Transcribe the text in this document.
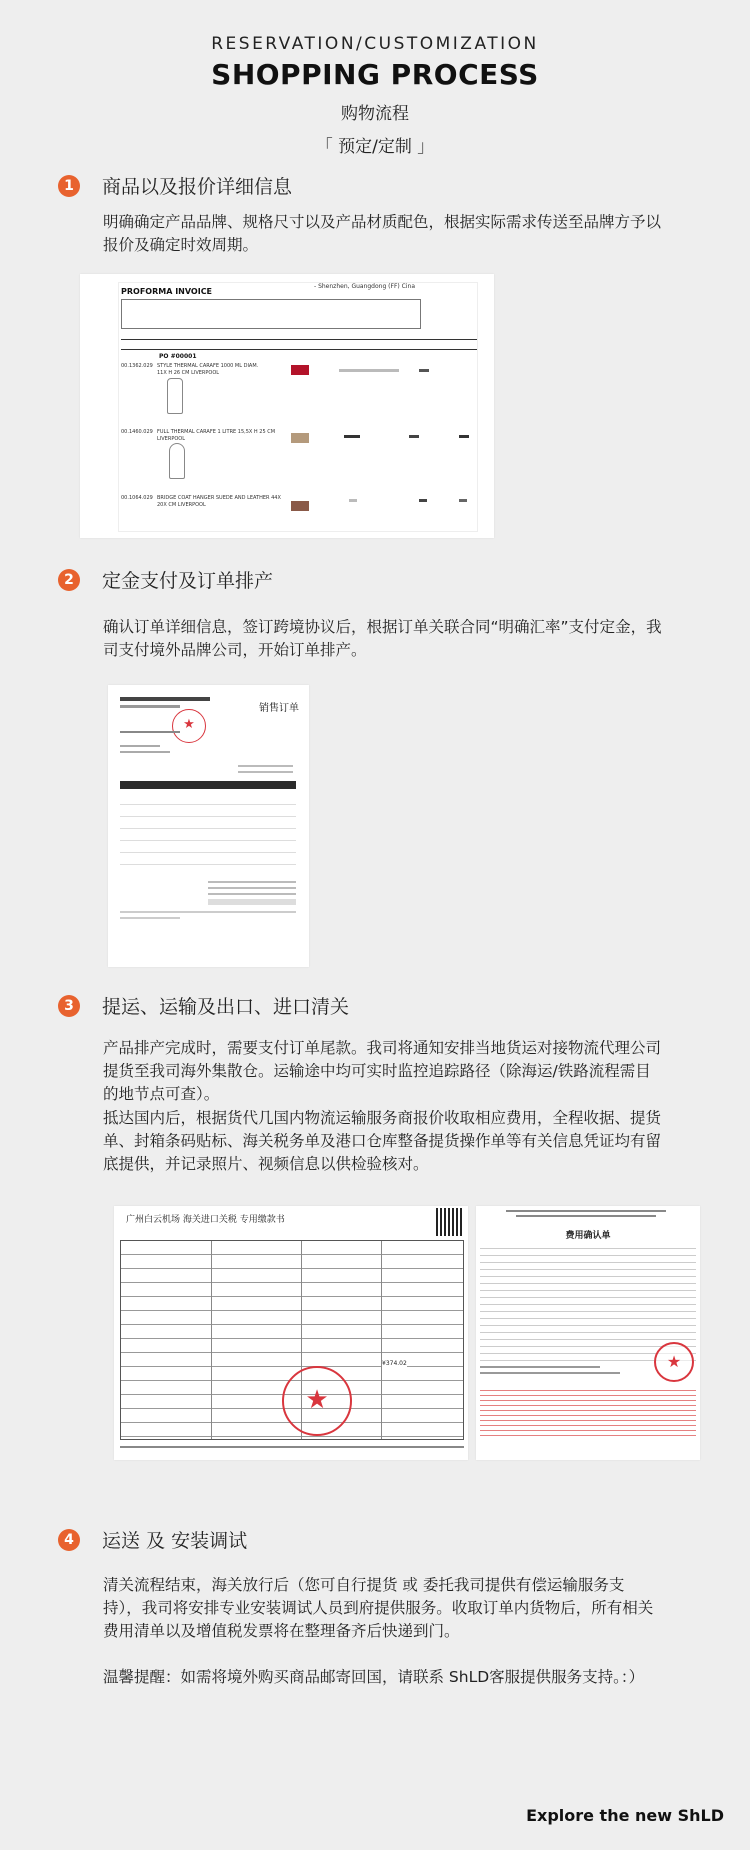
RESERVATION/CUSTOMIZATION
SHOPPING PROCESS
购物流程
「 预定/定制 」
1	商品以及报价详细信息
明确确定产品品牌、规格尺寸以及产品材质配色，根据实际需求传送至品牌方予以报价及确定时效周期。
PROFORMA INVOICE
- Shenzhen, Guangdong (FF) Cina
PO #00001
00.1362.029 STYLE THERMAL CARAFE 1000 ML DIAM. 11X H 26 CM LIVERPOOL
00.1460.029 FULL THERMAL CARAFE 1 LITRE 15,5X H 25 CM LIVERPOOL
00.1064.029 BRIDGE COAT HANGER SUEDE AND LEATHER 44X 20X CM LIVERPOOL
2	定金支付及订单排产
确认订单详细信息，签订跨境协议后，根据订单关联合同“明确汇率”支付定金，我司支付境外品牌公司，开始订单排产。
销售订单
★
3	提运、运输及出口、进口清关
产品排产完成时，需要支付订单尾款。我司将通知安排当地货运对接物流代理公司提货至我司海外集散仓。运输途中均可实时监控追踪路径（除海运/铁路流程需目的地节点可查）。
抵达国内后，根据货代几国内物流运输服务商报价收取相应费用，全程收据、提货单、封箱条码贴标、海关税务单及港口仓库整备提货操作单等有关信息凭证均有留底提供，并记录照片、视频信息以供检验核对。
广州白云机场 海关进口关税 专用缴款书
¥374.02
★
费用确认单
★
4	运送 及 安装调试
清关流程结束，海关放行后（您可自行提货 或 委托我司提供有偿运输服务支持），我司将安排专业安装调试人员到府提供服务。收取订单内货物后，所有相关费用清单以及增值税发票将在整理备齐后快递到门。
温馨提醒：如需将境外购买商品邮寄回国，请联系 ShLD客服提供服务支持。：）
Explore the new ShLD
